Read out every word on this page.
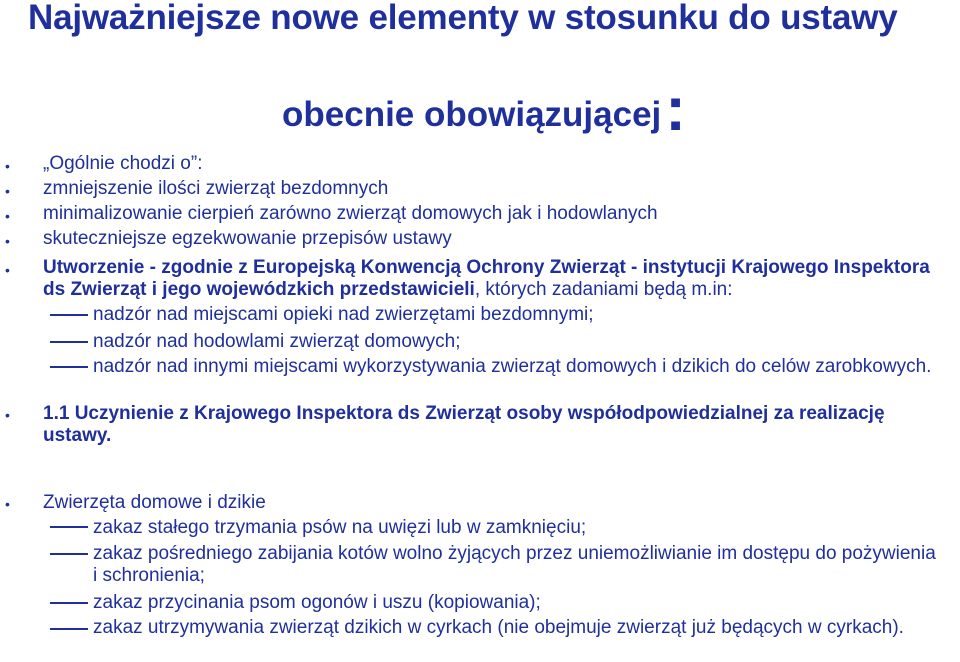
Najważniejsze nowe elementy w stosunku do ustawy
obecnie obowiązującej:
• „Ogólnie chodzi o”:
• zmniejszenie ilości zwierząt bezdomnych
• minimalizowanie cierpień zarówno zwierząt domowych jak i hodowlanych
• skuteczniejsze egzekwowanie przepisów ustawy
• Utworzenie - zgodnie z Europejską Konwencją Ochrony Zwierząt - instytucji Krajowego Inspektora ds Zwierząt i jego wojewódzkich przedstawicieli, których zadaniami będą m.in:
nadzór nad miejscami opieki nad zwierzętami bezdomnymi;
nadzór nad hodowlami zwierząt domowych;
nadzór nad innymi miejscami wykorzystywania zwierząt domowych i dzikich do celów zarobkowych.
• 1.1 Uczynienie z Krajowego Inspektora ds Zwierząt osoby współodpowiedzialnej za realizację ustawy.
• Zwierzęta domowe i dzikie
zakaz stałego trzymania psów na uwięzi lub w zamknięciu;
zakaz pośredniego zabijania kotów wolno żyjących przez uniemożliwianie im dostępu do pożywienia i schronienia;
zakaz przycinania psom ogonów i uszu (kopiowania);
zakaz utrzymywania zwierząt dzikich w cyrkach (nie obejmuje zwierząt już będących w cyrkach).
